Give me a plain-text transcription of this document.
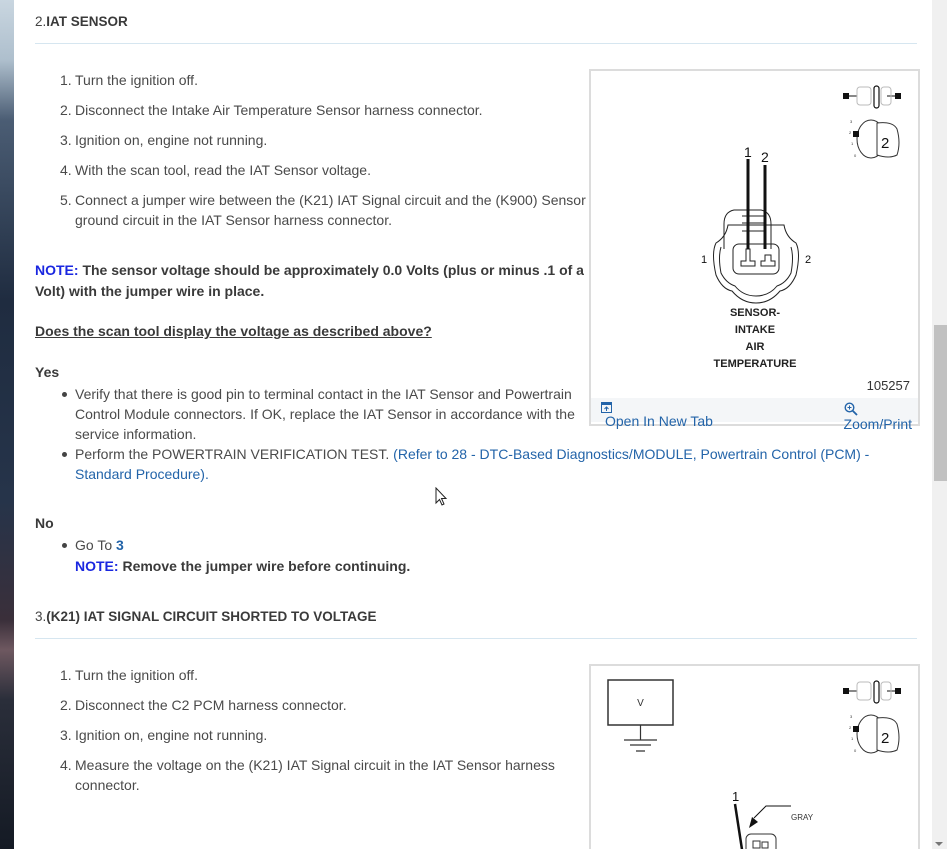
2.IAT SENSOR
1. Turn the ignition off.
2. Disconnect the Intake Air Temperature Sensor harness connector.
3. Ignition on, engine not running.
4. With the scan tool, read the IAT Sensor voltage.
5. Connect a jumper wire between the (K21) IAT Signal circuit and the (K900) Sensor ground circuit in the IAT Sensor harness connector.
NOTE: The sensor voltage should be approximately 0.0 Volts (plus or minus .1 of a Volt) with the jumper wire in place.
Does the scan tool display the voltage as described above?
Yes
Verify that there is good pin to terminal contact in the IAT Sensor and Powertrain Control Module connectors. If OK, replace the IAT Sensor in accordance with the service information.
Perform the POWERTRAIN VERIFICATION TEST. (Refer to 28 - DTC-Based Diagnostics/MODULE, Powertrain Control (PCM) - Standard Procedure).
No
Go To 3
NOTE: Remove the jumper wire before continuing.
3
2
1
0
2
1 2
1	2
SENSOR-
INTAKE
AIR
TEMPERATURE
105257
Open In New Tab	Zoom/Print
3.(K21) IAT SIGNAL CIRCUIT SHORTED TO VOLTAGE
1. Turn the ignition off.
2. Disconnect the C2 PCM harness connector.
3. Ignition on, engine not running.
4. Measure the voltage on the (K21) IAT Signal circuit in the IAT Sensor harness connector.
V
3
2
1
0
2
1
GRAY
